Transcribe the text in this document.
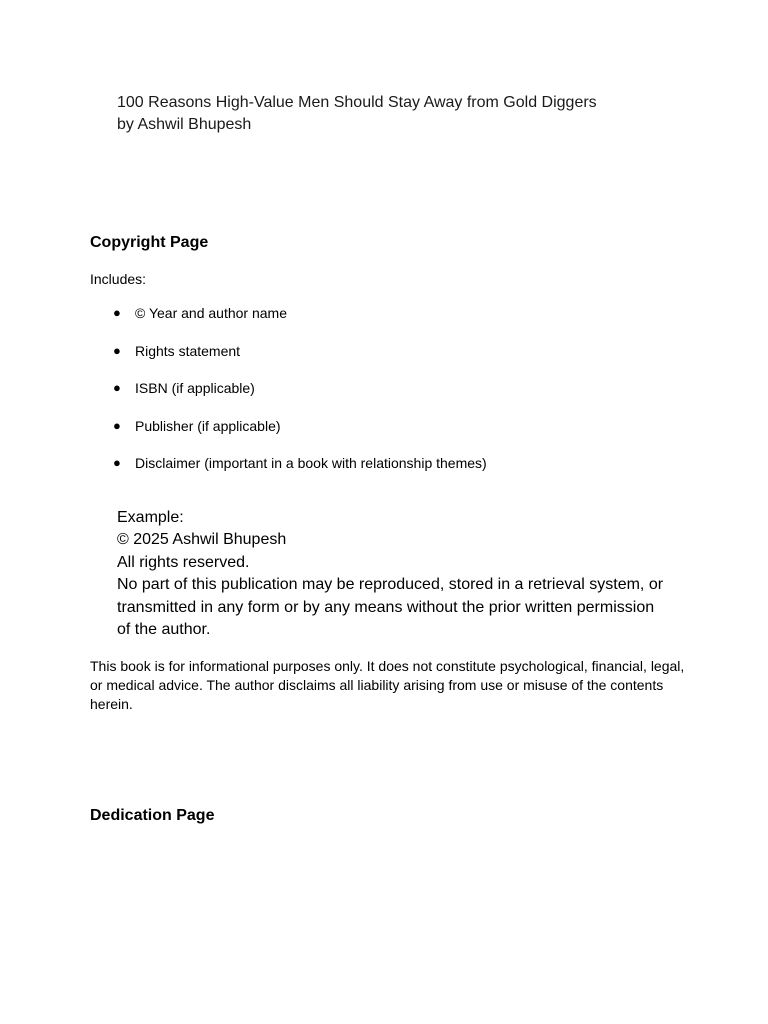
100 Reasons High-Value Men Should Stay Away from Gold Diggers
by Ashwil Bhupesh
Copyright Page
Includes:
● © Year and author name
● Rights statement
● ISBN (if applicable)
● Publisher (if applicable)
● Disclaimer (important in a book with relationship themes)
Example:
© 2025 Ashwil Bhupesh
All rights reserved.
No part of this publication may be reproduced, stored in a retrieval system, or
transmitted in any form or by any means without the prior written permission
of the author.
This book is for informational purposes only. It does not constitute psychological, financial, legal,
or medical advice. The author disclaims all liability arising from use or misuse of the contents
herein.
Dedication Page
